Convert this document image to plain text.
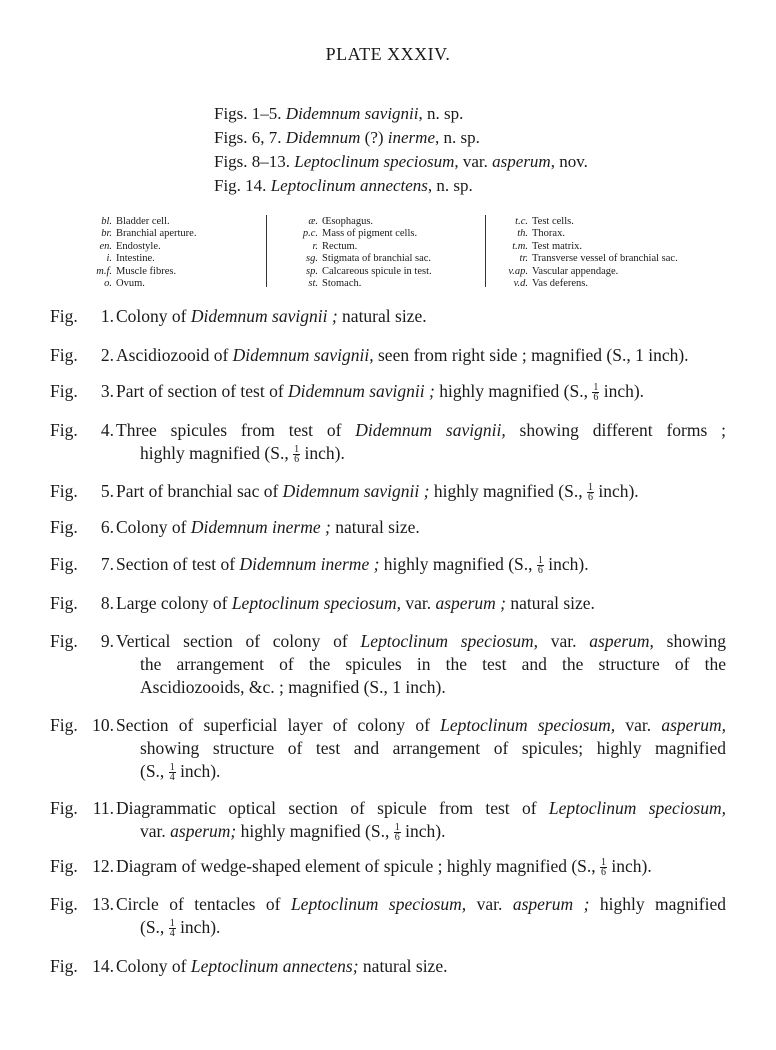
PLATE XXXIV.
Figs. 1–5. Didemnum savignii, n. sp.
Figs. 6, 7. Didemnum (?) inerme, n. sp.
Figs. 8–13. Leptoclinum speciosum, var. asperum, nov.
Fig. 14. Leptoclinum annectens, n. sp.
bl. Bladder cell.
br. Branchial aperture.
en. Endostyle.
i. Intestine.
m.f. Muscle fibres.
o. Ovum.
æ. Œsophagus.
p.c. Mass of pigment cells.
r. Rectum.
sg. Stigmata of branchial sac.
sp. Calcareous spicule in test.
st. Stomach.
t.c. Test cells.
th. Thorax.
t.m. Test matrix.
tr. Transverse vessel of branchial sac.
v.ap. Vascular appendage.
v.d. Vas deferens.
Fig.	1. Colony of Didemnum savignii ; natural size.
Fig.	2. Ascidiozooid of Didemnum savignii, seen from right side ; magnified (S., 1 inch).
Fig.	3. Part of section of test of Didemnum savignii ; highly magnified (S., $\frac{1}{6}$ inch).
Fig.	4. Three spicules from test of Didemnum savignii, showing different forms ;
highly magnified (S., $\frac{1}{6}$ inch).
Fig.	5. Part of branchial sac of Didemnum savignii ; highly magnified (S., $\frac{1}{6}$ inch).
Fig.	6. Colony of Didemnum inerme ; natural size.
Fig.	7. Section of test of Didemnum inerme ; highly magnified (S., $\frac{1}{6}$ inch).
Fig.	8. Large colony of Leptoclinum speciosum, var. asperum ; natural size.
Fig.	9. Vertical section of colony of Leptoclinum speciosum, var. asperum, showing
the arrangement of the spicules in the test and the structure of the
Ascidiozooids, &c. ; magnified (S., 1 inch).
Fig. 10. Section of superficial layer of colony of Leptoclinum speciosum, var. asperum,
showing structure of test and arrangement of spicules; highly magnified
(S., $\frac{1}{4}$ inch).
Fig. 11. Diagrammatic optical section of spicule from test of Leptoclinum speciosum,
var. asperum; highly magnified (S., $\frac{1}{6}$ inch).
Fig. 12. Diagram of wedge-shaped element of spicule ; highly magnified (S., $\frac{1}{6}$ inch).
Fig. 13. Circle of tentacles of Leptoclinum speciosum, var. asperum ; highly magnified
(S., $\frac{1}{4}$ inch).
Fig. 14. Colony of Leptoclinum annectens; natural size.
